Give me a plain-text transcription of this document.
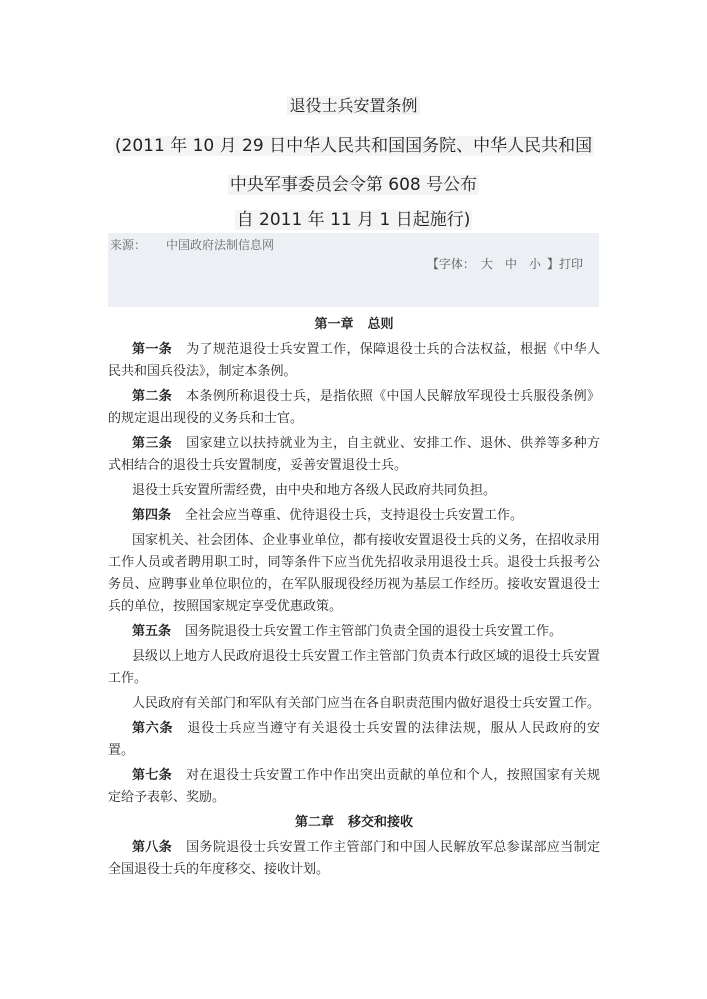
退役士兵安置条例
(2011 年 10 月 29 日中华人民共和国国务院、中华人民共和国
中央军事委员会令第 608 号公布
自 2011 年 11 月 1 日起施行)
来源： 中国政府法制信息网
【字体： 大 中 小 】打印
第一章 总则

第一条 为了规范退役士兵安置工作，保障退役士兵的合法权益，根据《中华人民共和国兵役法》，制定本条例。

第二条 本条例所称退役士兵，是指依照《中国人民解放军现役士兵服役条例》的规定退出现役的义务兵和士官。

第三条 国家建立以扶持就业为主，自主就业、安排工作、退休、供养等多种方式相结合的退役士兵安置制度，妥善安置退役士兵。

退役士兵安置所需经费，由中央和地方各级人民政府共同负担。

第四条 全社会应当尊重、优待退役士兵，支持退役士兵安置工作。

国家机关、社会团体、企业事业单位，都有接收安置退役士兵的义务，在招收录用工作人员或者聘用职工时，同等条件下应当优先招收录用退役士兵。退役士兵报考公务员、应聘事业单位职位的，在军队服现役经历视为基层工作经历。接收安置退役士兵的单位，按照国家规定享受优惠政策。

第五条 国务院退役士兵安置工作主管部门负责全国的退役士兵安置工作。

县级以上地方人民政府退役士兵安置工作主管部门负责本行政区域的退役士兵安置工作。

人民政府有关部门和军队有关部门应当在各自职责范围内做好退役士兵安置工作。

第六条 退役士兵应当遵守有关退役士兵安置的法律法规，服从人民政府的安置。

第七条 对在退役士兵安置工作中作出突出贡献的单位和个人，按照国家有关规定给予表彰、奖励。

第二章 移交和接收

第八条 国务院退役士兵安置工作主管部门和中国人民解放军总参谋部应当制定全国退役士兵的年度移交、接收计划。
